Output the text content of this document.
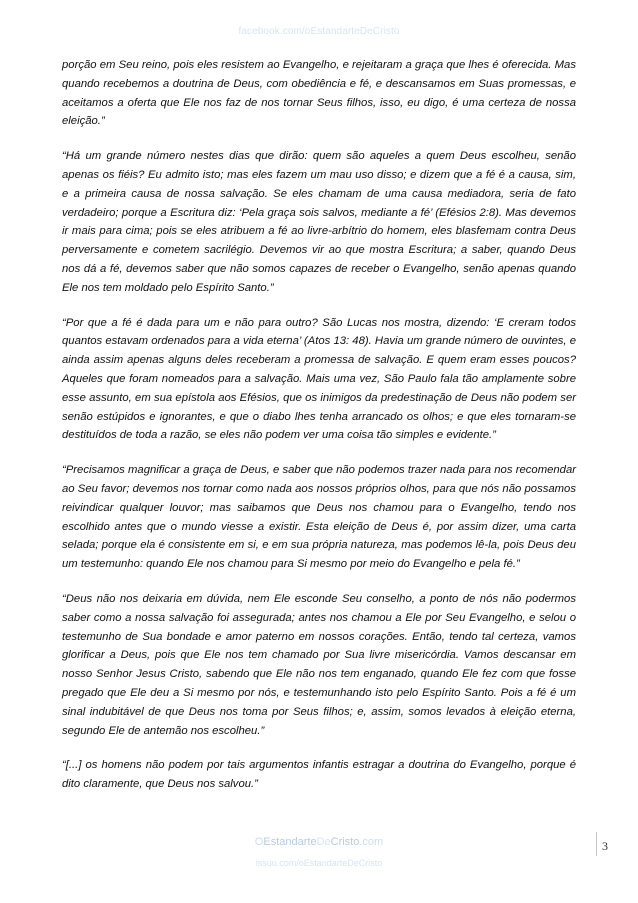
facebook.com/oEstandarteDeCristo

porção em Seu reino, pois eles resistem ao Evangelho, e rejeitaram a graça que lhes é oferecida. Mas quando recebemos a doutrina de Deus, com obediência e fé, e descansamos em Suas promessas, e aceitamos a oferta que Ele nos faz de nos tornar Seus filhos, isso, eu digo, é uma certeza de nossa eleição.”

“Há um grande número nestes dias que dirão: quem são aqueles a quem Deus escolheu, senão apenas os fiéis? Eu admito isto; mas eles fazem um mau uso disso; e dizem que a fé é a causa, sim, e a primeira causa de nossa salvação. Se eles chamam de uma causa mediadora, seria de fato verdadeiro; porque a Escritura diz: ‘Pela graça sois salvos, mediante a fé’ (Efésios 2:8). Mas devemos ir mais para cima; pois se eles atribuem a fé ao livre-arbítrio do homem, eles blasfemam contra Deus perversamente e cometem sacrilégio. Devemos vir ao que mostra Escritura; a saber, quando Deus nos dá a fé, devemos saber que não somos capazes de receber o Evangelho, senão apenas quando Ele nos tem moldado pelo Espírito Santo.”

“Por que a fé é dada para um e não para outro? São Lucas nos mostra, dizendo: ‘E creram todos quantos estavam ordenados para a vida eterna’ (Atos 13: 48). Havia um grande número de ouvintes, e ainda assim apenas alguns deles receberam a promessa de salvação. E quem eram esses poucos? Aqueles que foram nomeados para a salvação. Mais uma vez, São Paulo fala tão amplamente sobre esse assunto, em sua epístola aos Efésios, que os inimigos da predestinação de Deus não podem ser senão estúpidos e ignorantes, e que o diabo lhes tenha arrancado os olhos; e que eles tornaram-se destituídos de toda a razão, se eles não podem ver uma coisa tão simples e evidente.”

“Precisamos magnificar a graça de Deus, e saber que não podemos trazer nada para nos recomendar ao Seu favor; devemos nos tornar como nada aos nossos próprios olhos, para que nós não possamos reivindicar qualquer louvor; mas saibamos que Deus nos chamou para o Evangelho, tendo nos escolhido antes que o mundo viesse a existir. Esta eleição de Deus é, por assim dizer, uma carta selada; porque ela é consistente em si, e em sua própria natureza, mas podemos lê-la, pois Deus deu um testemunho: quando Ele nos chamou para Si mesmo por meio do Evangelho e pela fé.”

“Deus não nos deixaria em dúvida, nem Ele esconde Seu conselho, a ponto de nós não podermos saber como a nossa salvação foi assegurada; antes nos chamou a Ele por Seu Evangelho, e selou o testemunho de Sua bondade e amor paterno em nossos corações. Então, tendo tal certeza, vamos glorificar a Deus, pois que Ele nos tem chamado por Sua livre misericórdia. Vamos descansar em nosso Senhor Jesus Cristo, sabendo que Ele não nos tem enganado, quando Ele fez com que fosse pregado que Ele deu a Si mesmo por nós, e testemunhando isto pelo Espírito Santo. Pois a fé é um sinal indubitável de que Deus nos toma por Seus filhos; e, assim, somos levados à eleição eterna, segundo Ele de antemão nos escolheu.”

“[...] os homens não podem por tais argumentos infantis estragar a doutrina do Evangelho, porque é dito claramente, que Deus nos salvou.”

OEstandarteDeCristo.com
issuu.com/oEstandarteDeCristo
3
